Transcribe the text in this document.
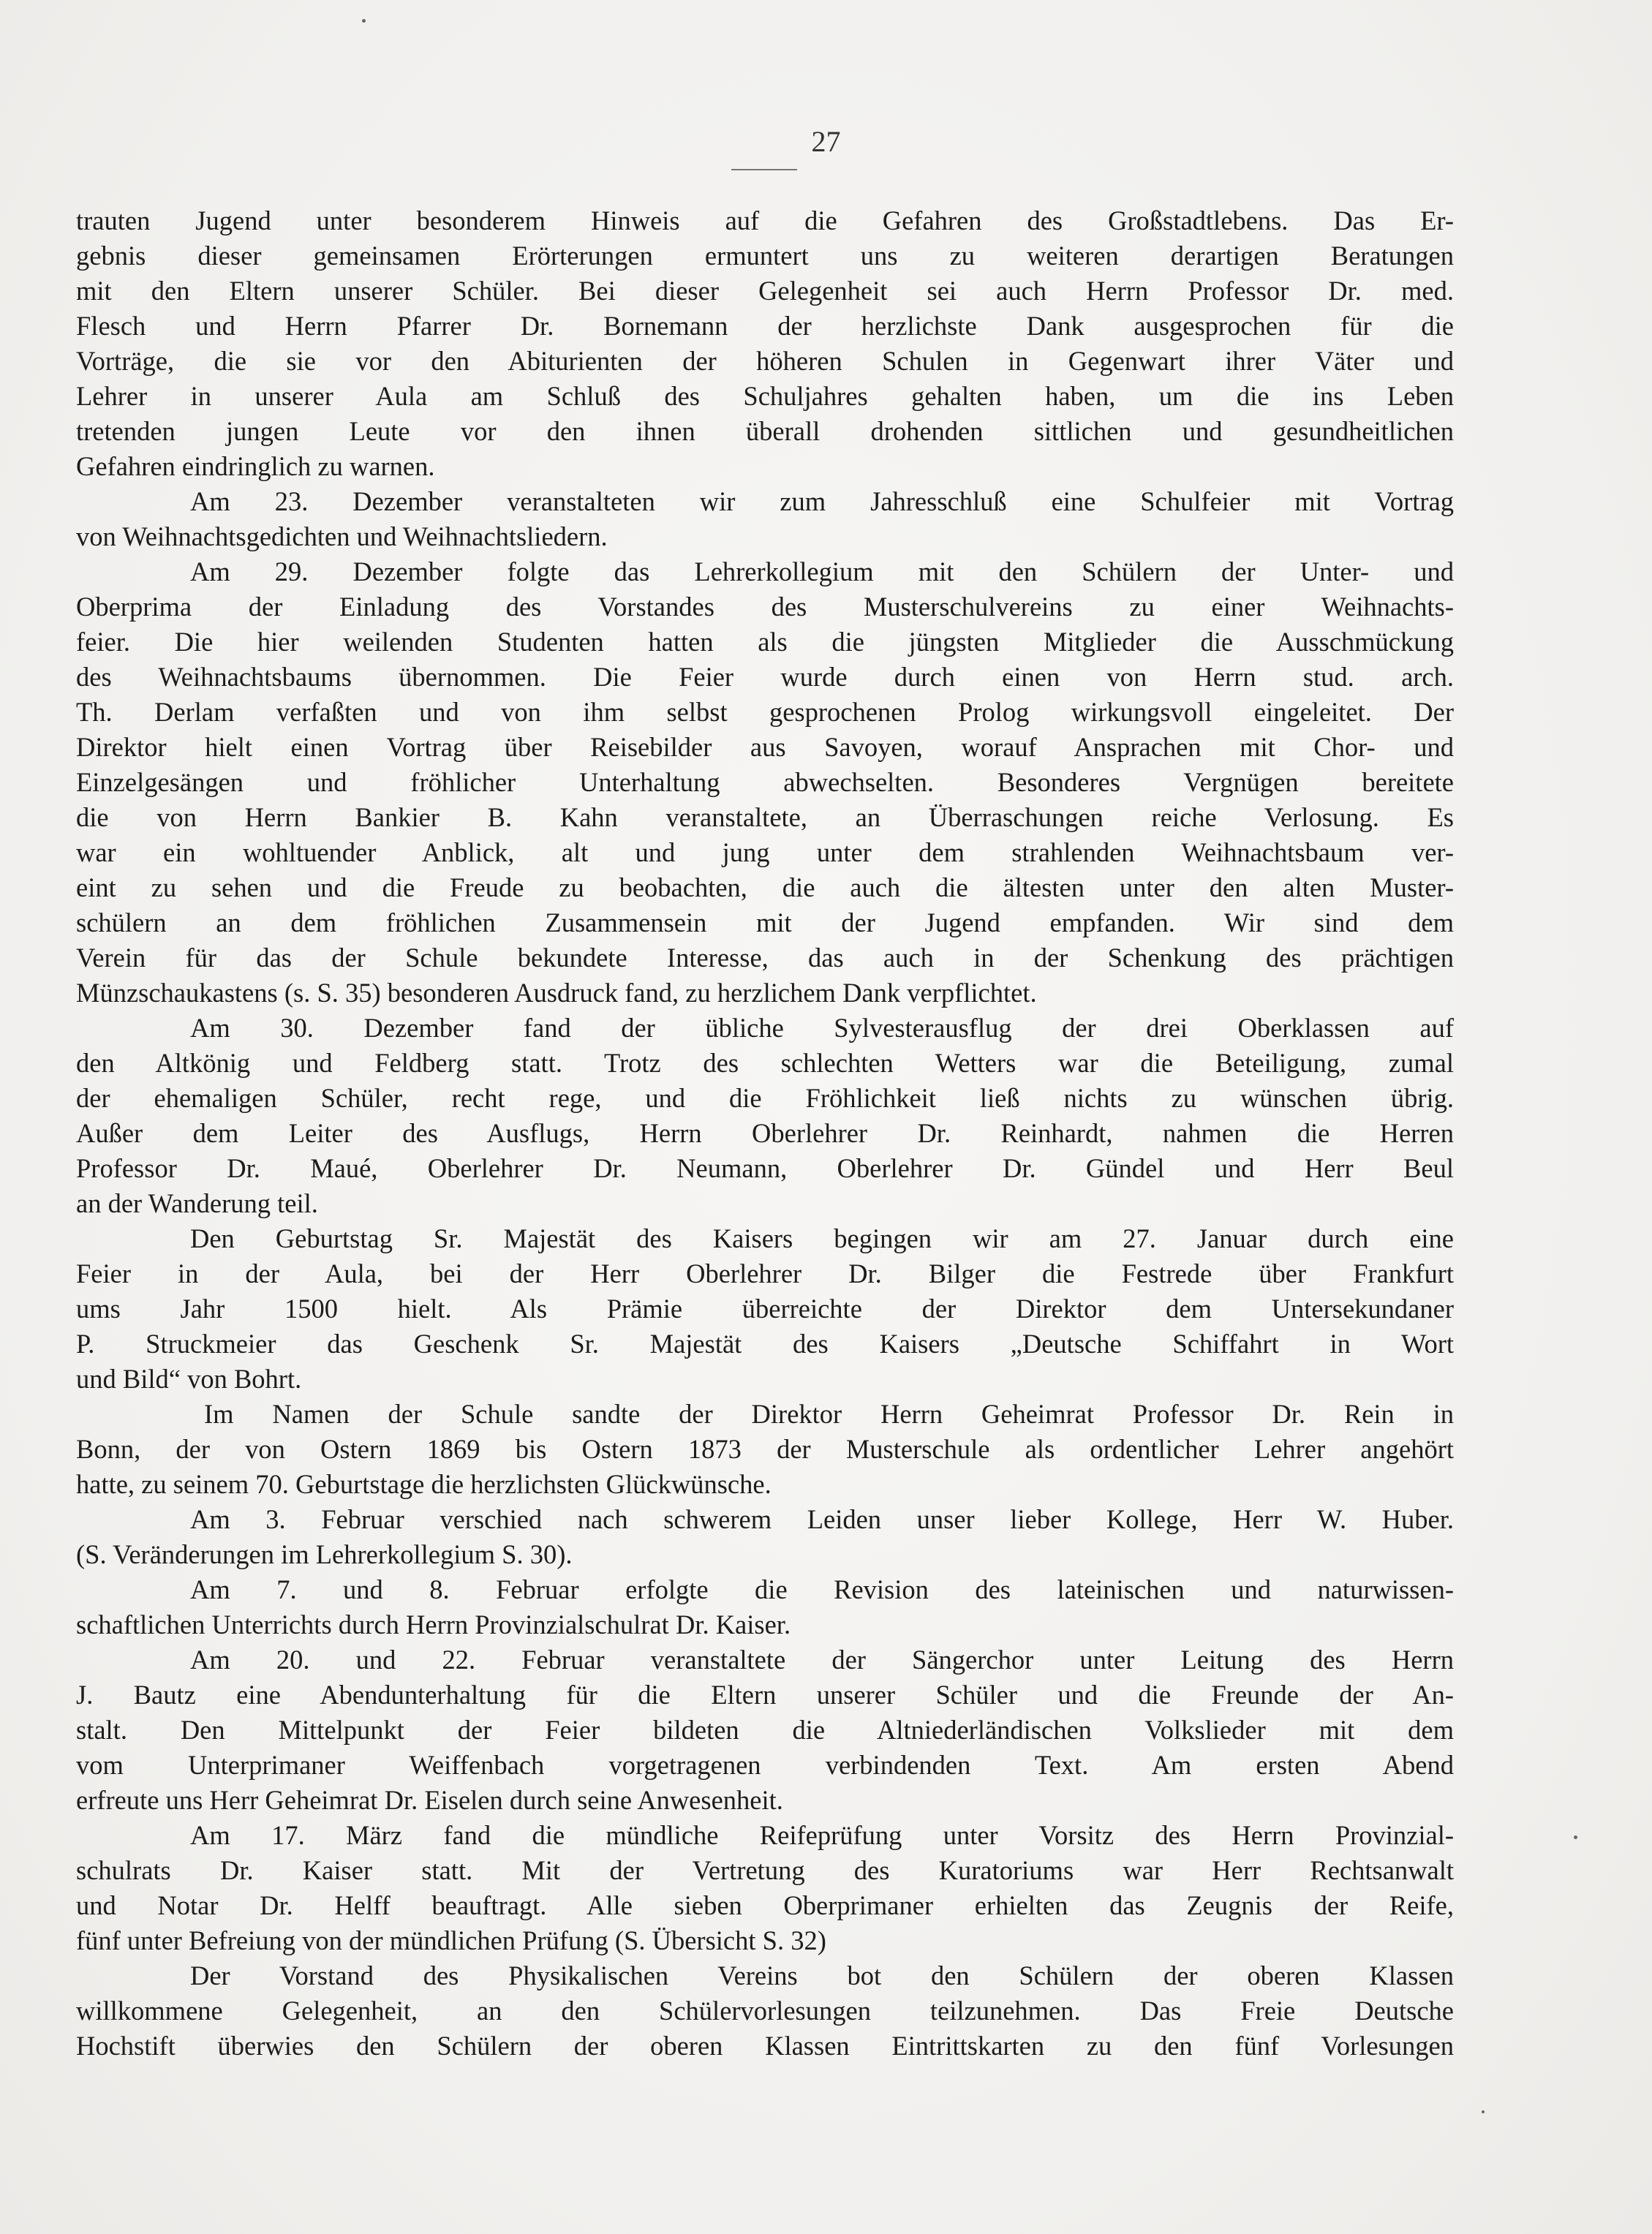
27
trauten Jugend unter besonderem Hinweis auf die Gefahren des Großstadtlebens. Das Er-
gebnis dieser gemeinsamen Erörterungen ermuntert uns zu weiteren derartigen Beratungen
mit den Eltern unserer Schüler. Bei dieser Gelegenheit sei auch Herrn Professor Dr. med.
Flesch und Herrn Pfarrer Dr. Bornemann der herzlichste Dank ausgesprochen für die
Vorträge, die sie vor den Abiturienten der höheren Schulen in Gegenwart ihrer Väter und
Lehrer in unserer Aula am Schluß des Schuljahres gehalten haben, um die ins Leben
tretenden jungen Leute vor den ihnen überall drohenden sittlichen und gesundheitlichen
Gefahren eindringlich zu warnen.
Am 23. Dezember veranstalteten wir zum Jahresschluß eine Schulfeier mit Vortrag
von Weihnachtsgedichten und Weihnachtsliedern.
Am 29. Dezember folgte das Lehrerkollegium mit den Schülern der Unter- und
Oberprima der Einladung des Vorstandes des Musterschulvereins zu einer Weihnachts-
feier. Die hier weilenden Studenten hatten als die jüngsten Mitglieder die Ausschmückung
des Weihnachtsbaums übernommen. Die Feier wurde durch einen von Herrn stud. arch.
Th. Derlam verfaßten und von ihm selbst gesprochenen Prolog wirkungsvoll eingeleitet. Der
Direktor hielt einen Vortrag über Reisebilder aus Savoyen, worauf Ansprachen mit Chor- und
Einzelgesängen und fröhlicher Unterhaltung abwechselten. Besonderes Vergnügen bereitete
die von Herrn Bankier B. Kahn veranstaltete, an Überraschungen reiche Verlosung. Es
war ein wohltuender Anblick, alt und jung unter dem strahlenden Weihnachtsbaum ver-
eint zu sehen und die Freude zu beobachten, die auch die ältesten unter den alten Muster-
schülern an dem fröhlichen Zusammensein mit der Jugend empfanden. Wir sind dem
Verein für das der Schule bekundete Interesse, das auch in der Schenkung des prächtigen
Münzschaukastens (s. S. 35) besonderen Ausdruck fand, zu herzlichem Dank verpflichtet.
Am 30. Dezember fand der übliche Sylvesterausflug der drei Oberklassen auf
den Altkönig und Feldberg statt. Trotz des schlechten Wetters war die Beteiligung, zumal
der ehemaligen Schüler, recht rege, und die Fröhlichkeit ließ nichts zu wünschen übrig.
Außer dem Leiter des Ausflugs, Herrn Oberlehrer Dr. Reinhardt, nahmen die Herren
Professor Dr. Maué, Oberlehrer Dr. Neumann, Oberlehrer Dr. Gündel und Herr Beul
an der Wanderung teil.
Den Geburtstag Sr. Majestät des Kaisers begingen wir am 27. Januar durch eine
Feier in der Aula, bei der Herr Oberlehrer Dr. Bilger die Festrede über Frankfurt
ums Jahr 1500 hielt. Als Prämie überreichte der Direktor dem Untersekundaner
P. Struckmeier das Geschenk Sr. Majestät des Kaisers „Deutsche Schiffahrt in Wort
und Bild“ von Bohrt.
Im Namen der Schule sandte der Direktor Herrn Geheimrat Professor Dr. Rein in
Bonn, der von Ostern 1869 bis Ostern 1873 der Musterschule als ordentlicher Lehrer angehört
hatte, zu seinem 70. Geburtstage die herzlichsten Glückwünsche.
Am 3. Februar verschied nach schwerem Leiden unser lieber Kollege, Herr W. Huber.
(S. Veränderungen im Lehrerkollegium S. 30).
Am 7. und 8. Februar erfolgte die Revision des lateinischen und naturwissen-
schaftlichen Unterrichts durch Herrn Provinzialschulrat Dr. Kaiser.
Am 20. und 22. Februar veranstaltete der Sängerchor unter Leitung des Herrn
J. Bautz eine Abendunterhaltung für die Eltern unserer Schüler und die Freunde der An-
stalt. Den Mittelpunkt der Feier bildeten die Altniederländischen Volkslieder mit dem
vom Unterprimaner Weiffenbach vorgetragenen verbindenden Text. Am ersten Abend
erfreute uns Herr Geheimrat Dr. Eiselen durch seine Anwesenheit.
Am 17. März fand die mündliche Reifeprüfung unter Vorsitz des Herrn Provinzial-
schulrats Dr. Kaiser statt. Mit der Vertretung des Kuratoriums war Herr Rechtsanwalt
und Notar Dr. Helff beauftragt. Alle sieben Oberprimaner erhielten das Zeugnis der Reife,
fünf unter Befreiung von der mündlichen Prüfung (S. Übersicht S. 32)
Der Vorstand des Physikalischen Vereins bot den Schülern der oberen Klassen
willkommene Gelegenheit, an den Schülervorlesungen teilzunehmen. Das Freie Deutsche
Hochstift überwies den Schülern der oberen Klassen Eintrittskarten zu den fünf Vorlesungen
